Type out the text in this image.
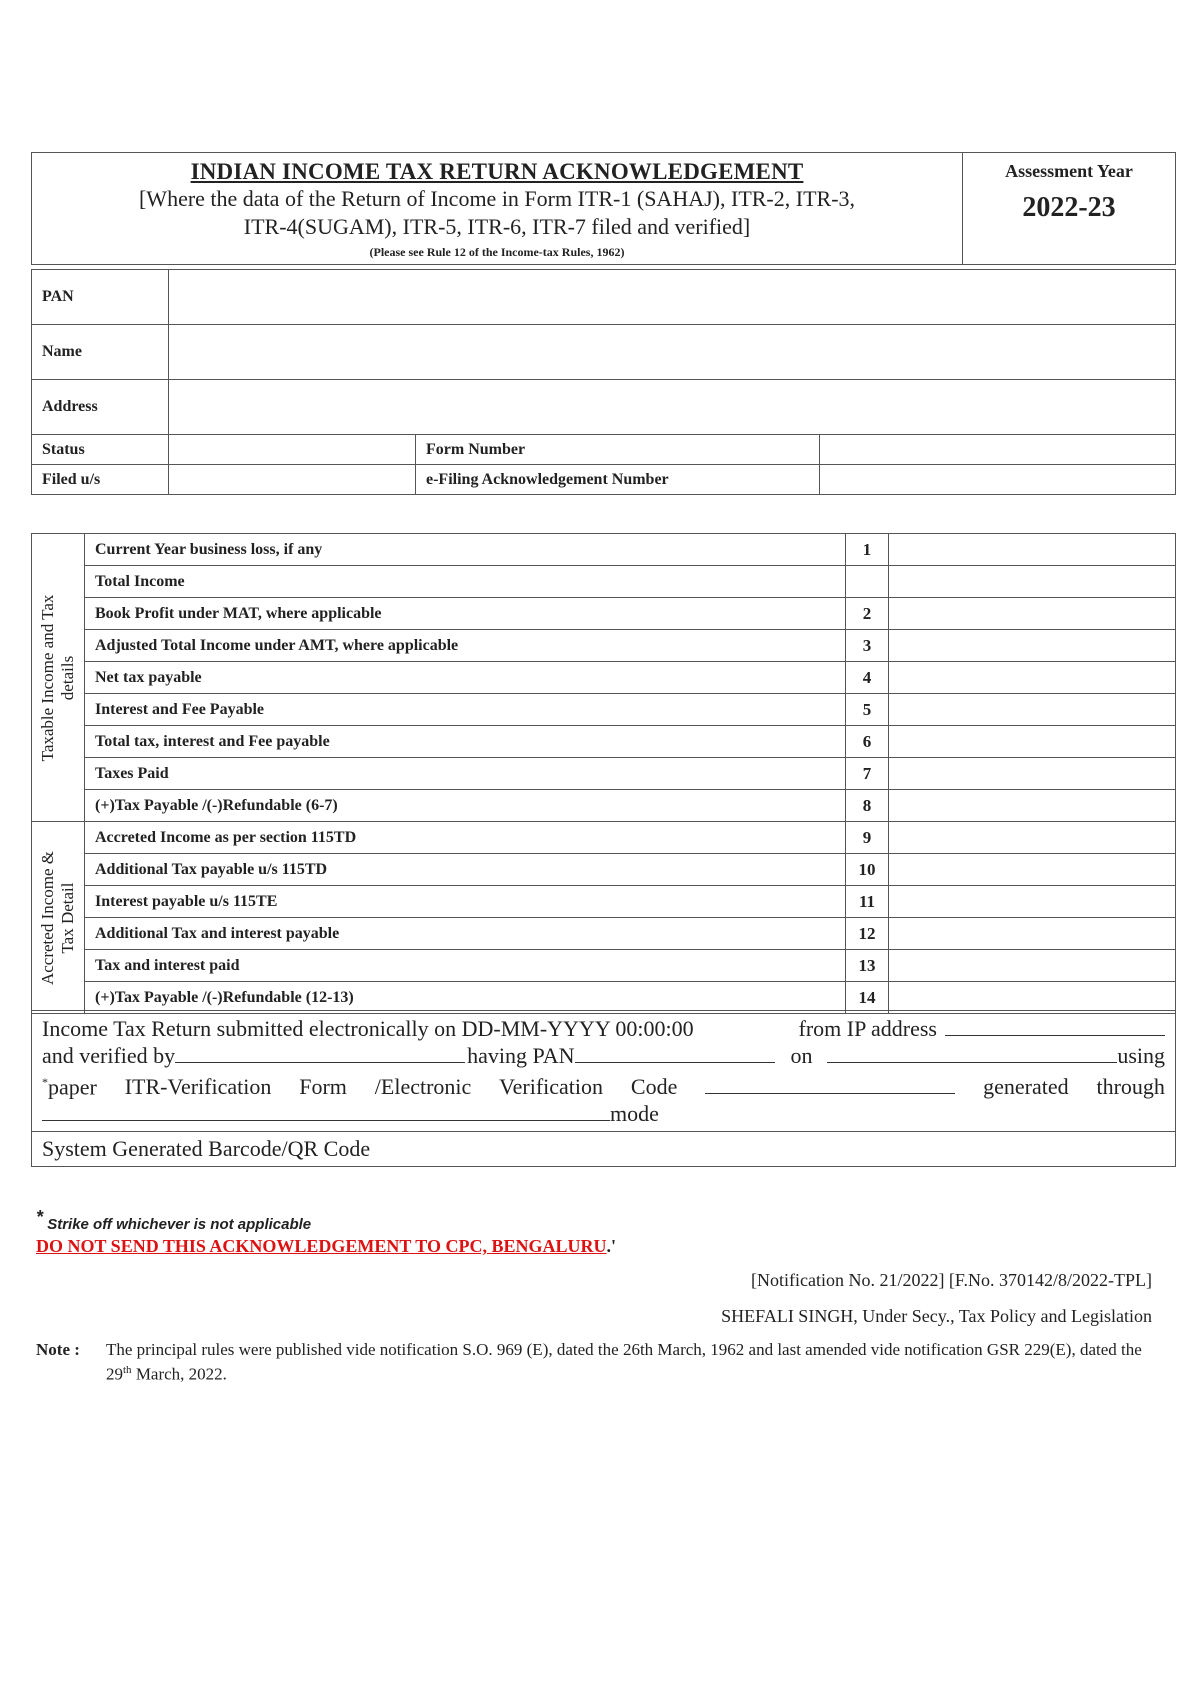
INDIAN INCOME TAX RETURN ACKNOWLEDGEMENT
[Where the data of the Return of Income in Form ITR-1 (SAHAJ), ITR-2, ITR-3,
ITR-4(SUGAM), ITR-5, ITR-6, ITR-7 filed and verified]
(Please see Rule 12 of the Income-tax Rules, 1962)

Assessment Year
2022-23
PAN			
Name			
Address			
Status		Form Number	
Filed u/s		e-Filing Acknowledgement Number	
Taxable Income and Tax details	Current Year business loss, if any	1	
	Total Income		
	Book Profit under MAT, where applicable	2	
	Adjusted Total Income under AMT, where applicable	3	
	Net tax payable	4	
	Interest and Fee Payable	5	
	Total tax, interest and Fee payable	6	
	Taxes Paid	7	
	(+)Tax Payable /(-)Refundable (6-7)	8	

Accreted Income & Tax Detail	Accreted Income as per section 115TD	9	
	Additional Tax payable u/s 115TD	10	
	Interest payable u/s 115TE	11	
	Additional Tax and interest payable	12	
	Tax and interest paid	13	
	(+)Tax Payable /(-)Refundable (12-13)	14	
Income Tax Return submitted electronically on DD-MM-YYYY 00:00:00	from IP address
and verified by	having PAN	on	using
*paper ITR-Verification Form /Electronic Verification Code	generated through
mode

System Generated Barcode/QR Code
* Strike off whichever is not applicable
DO NOT SEND THIS ACKNOWLEDGEMENT TO CPC, BENGALURU.'
[Notification No. 21/2022] [F.No. 370142/8/2022-TPL]
SHEFALI SINGH, Under Secy., Tax Policy and Legislation
Note : The principal rules were published vide notification S.O. 969 (E), dated the 26th March, 1962 and last amended vide notification GSR 229(E), dated the 29th March, 2022.
